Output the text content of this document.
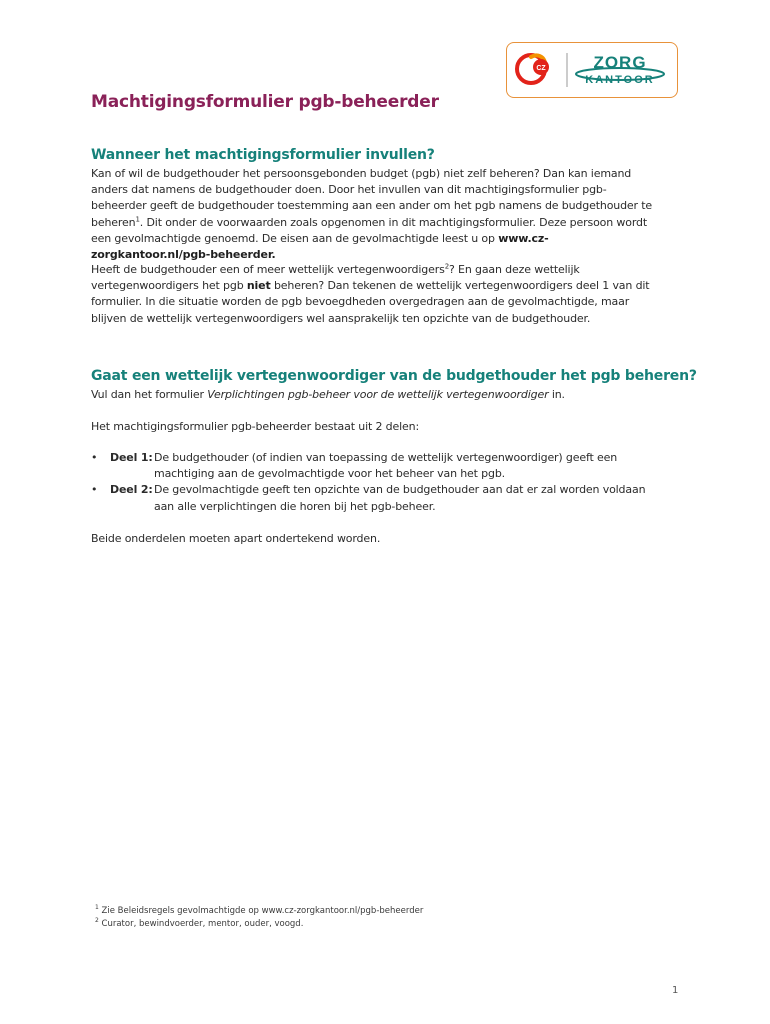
CZ	ZORG
KANTOOR
Machtigingsformulier pgb-beheerder
Wanneer het machtigingsformulier invullen?

Kan of wil de budgethouder het persoonsgebonden budget (pgb) niet zelf beheren? Dan kan iemand anders dat namens de budgethouder doen. Door het invullen van dit machtigingsformulier pgb-beheerder geeft de budgethouder toestemming aan een ander om het pgb namens de budgethouder te beheren$^1$. Dit onder de voorwaarden zoals opgenomen in dit machtigingsformulier. Deze persoon wordt een gevolmachtigde genoemd. De eisen aan de gevolmachtigde leest u op www.cz-zorgkantoor.nl/pgb-beheerder.

Heeft de budgethouder een of meer wettelijk vertegenwoordigers$^2$? En gaan deze wettelijk vertegenwoordigers het pgb niet beheren? Dan tekenen de wettelijk vertegenwoordigers deel 1 van dit formulier. In die situatie worden de pgb bevoegdheden overgedragen aan de gevolmachtigde, maar blijven de wettelijk vertegenwoordigers wel aansprakelijk ten opzichte van de budgethouder.

Gaat een wettelijk vertegenwoordiger van de budgethouder het pgb beheren?

Vul dan het formulier Verplichtingen pgb-beheer voor de wettelijk vertegenwoordiger in.

Het machtigingsformulier pgb-beheerder bestaat uit 2 delen:

• Deel 1: De budgethouder (of indien van toepassing de wettelijk vertegenwoordiger) geeft een machtiging aan de gevolmachtigde voor het beheer van het pgb.
• Deel 2: De gevolmachtigde geeft ten opzichte van de budgethouder aan dat er zal worden voldaan aan alle verplichtingen die horen bij het pgb-beheer.

Beide onderdelen moeten apart ondertekend worden.

$^1$ Zie Beleidsregels gevolmachtigde op www.cz-zorgkantoor.nl/pgb-beheerder
$^2$ Curator, bewindvoerder, mentor, ouder, voogd.
1
